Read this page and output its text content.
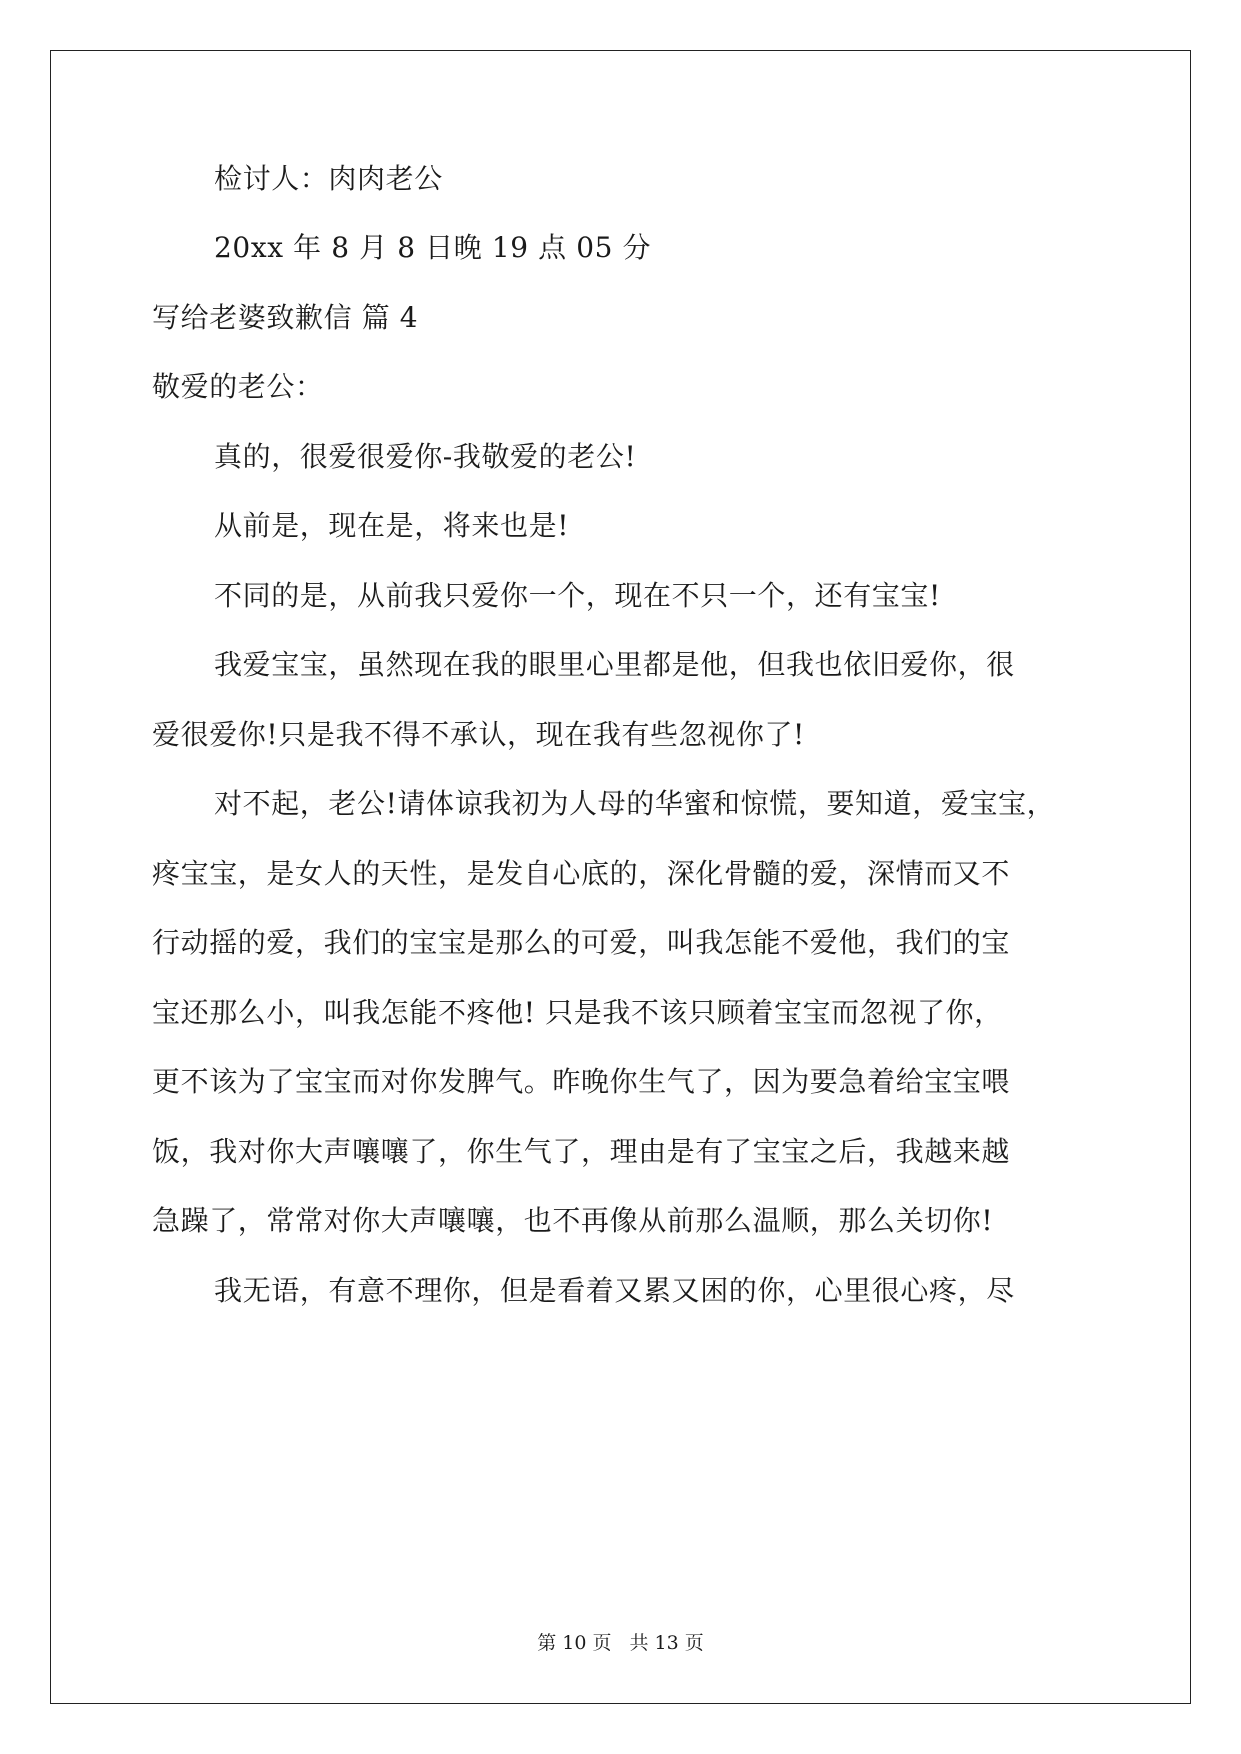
检讨人：肉肉老公

20xx 年 8 月 8 日晚 19 点 05 分

写给老婆致歉信 篇 4

敬爱的老公：

真的，很爱很爱你-我敬爱的老公!

从前是，现在是，将来也是!

不同的是，从前我只爱你一个，现在不只一个，还有宝宝!

我爱宝宝，虽然现在我的眼里心里都是他，但我也依旧爱你，很

爱很爱你!只是我不得不承认，现在我有些忽视你了!

对不起，老公!请体谅我初为人母的华蜜和惊慌，要知道，爱宝宝，

疼宝宝，是女人的天性，是发自心底的，深化骨髓的爱，深情而又不

行动摇的爱，我们的宝宝是那么的可爱，叫我怎能不爱他，我们的宝

宝还那么小，叫我怎能不疼他! 只是我不该只顾着宝宝而忽视了你，

更不该为了宝宝而对你发脾气。昨晚你生气了，因为要急着给宝宝喂

饭，我对你大声嚷嚷了，你生气了，理由是有了宝宝之后，我越来越

急躁了，常常对你大声嚷嚷，也不再像从前那么温顺，那么关切你!

我无语，有意不理你，但是看着又累又困的你，心里很心疼，尽

第 10 页 共 13 页
